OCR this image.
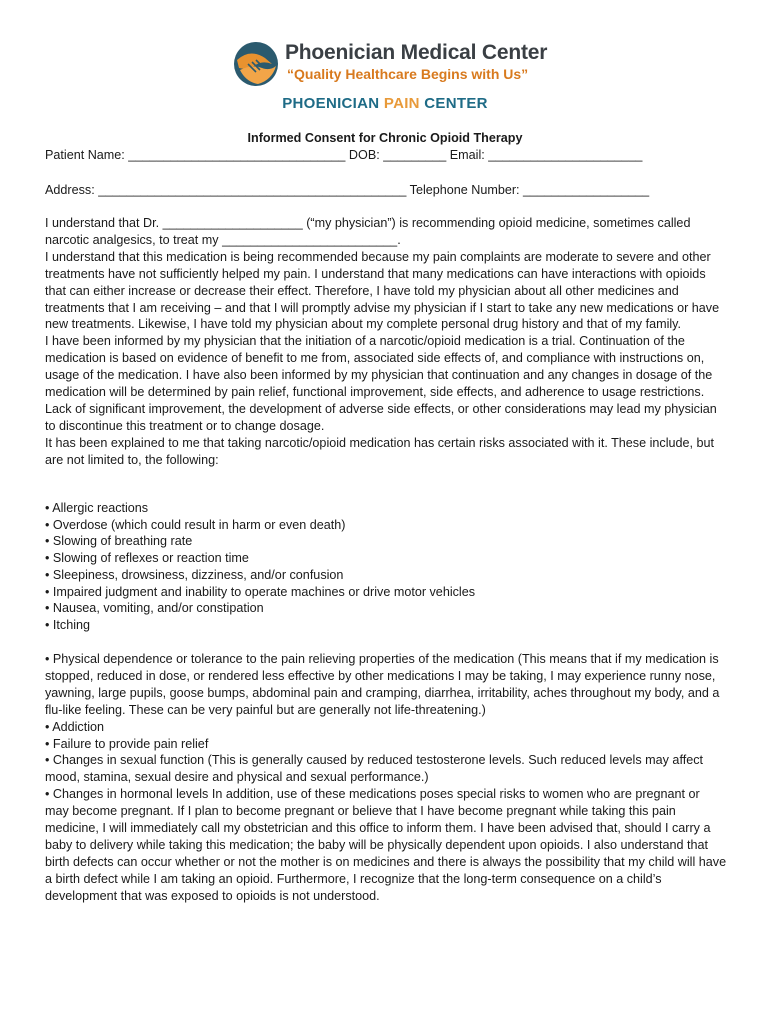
Phoenician Medical Center
“Quality Healthcare Begins with Us”
PHOENICIAN PAIN CENTER
Informed Consent for Chronic Opioid Therapy
Patient Name: _______________________________ DOB: _________ Email: ______________________
Address: ____________________________________________ Telephone Number: __________________

I understand that Dr. ____________________ (“my physician”) is recommending opioid medicine, sometimes called narcotic analgesics, to treat my _________________________.

I understand that this medication is being recommended because my pain complaints are moderate to severe and other treatments have not sufficiently helped my pain. I understand that many medications can have interactions with opioids that can either increase or decrease their effect. Therefore, I have told my physician about all other medicines and treatments that I am receiving – and that I will promptly advise my physician if I start to take any new medications or have new treatments. Likewise, I have told my physician about my complete personal drug history and that of my family.

I have been informed by my physician that the initiation of a narcotic/opioid medication is a trial. Continuation of the medication is based on evidence of benefit to me from, associated side effects of, and compliance with instructions on, usage of the medication. I have also been informed by my physician that continuation and any changes in dosage of the medication will be determined by pain relief, functional improvement, side effects, and adherence to usage restrictions. Lack of significant improvement, the development of adverse side effects, or other considerations may lead my physician to discontinue this treatment or to change dosage.

It has been explained to me that taking narcotic/opioid medication has certain risks associated with it. These include, but are not limited to, the following:

• Allergic reactions
• Overdose (which could result in harm or even death)
• Slowing of breathing rate
• Slowing of reflexes or reaction time
• Sleepiness, drowsiness, dizziness, and/or confusion
• Impaired judgment and inability to operate machines or drive motor vehicles
• Nausea, vomiting, and/or constipation
• Itching

• Physical dependence or tolerance to the pain relieving properties of the medication (This means that if my medication is stopped, reduced in dose, or rendered less effective by other medications I may be taking, I may experience runny nose, yawning, large pupils, goose bumps, abdominal pain and cramping, diarrhea, irritability, aches throughout my body, and a flu-like feeling. These can be very painful but are generally not life-threatening.)

• Addiction

• Failure to provide pain relief

• Changes in sexual function (This is generally caused by reduced testosterone levels. Such reduced levels may affect mood, stamina, sexual desire and physical and sexual performance.)

• Changes in hormonal levels In addition, use of these medications poses special risks to women who are pregnant or may become pregnant. If I plan to become pregnant or believe that I have become pregnant while taking this pain medicine, I will immediately call my obstetrician and this office to inform them. I have been advised that, should I carry a baby to delivery while taking this medication; the baby will be physically dependent upon opioids. I also understand that birth defects can occur whether or not the mother is on medicines and there is always the possibility that my child will have a birth defect while I am taking an opioid. Furthermore, I recognize that the long-term consequence on a child’s development that was exposed to opioids is not understood.
